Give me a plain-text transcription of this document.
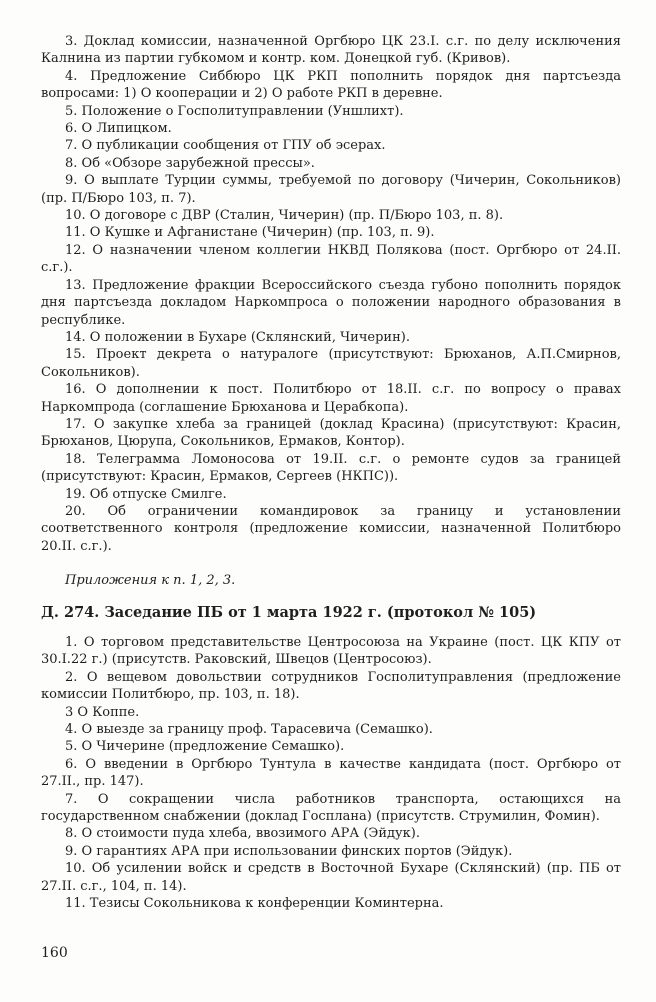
3. Доклад комиссии, назначенной Оргбюро ЦК 23.I. с.г. по делу исключения Калнина из партии губкомом и контр. ком. Донецкой губ. (Кривов).

4. Предложение Сиббюро ЦК РКП пополнить порядок дня партсъезда вопросами: 1) О кооперации и 2) О работе РКП в деревне.

5. Положение о Госполитуправлении (Уншлихт).

6. О Липицком.

7. О публикации сообщения от ГПУ об эсерах.

8. Об «Обзоре зарубежной прессы».

9. О выплате Турции суммы, требуемой по договору (Чичерин, Сокольников) (пр. П/Бюро 103, п. 7).

10. О договоре с ДВР (Сталин, Чичерин) (пр. П/Бюро 103, п. 8).

11. О Кушке и Афганистане (Чичерин) (пр. 103, п. 9).

12. О назначении членом коллегии НКВД Полякова (пост. Оргбюро от 24.II. с.г.).

13. Предложение фракции Всероссийского съезда губоно пополнить порядок дня партсъезда докладом Наркомпроса о положении народного образования в республике.

14. О положении в Бухаре (Склянский, Чичерин).

15. Проект декрета о натуралоге (присутствуют: Брюханов, А.П.Смирнов, Сокольников).

16. О дополнении к пост. Политбюро от 18.II. с.г. по вопросу о правах Наркомпрода (соглашение Брюханова и Церабкопа).

17. О закупке хлеба за границей (доклад Красина) (присутствуют: Красин, Брюханов, Цюрупа, Сокольников, Ермаков, Контор).

18. Телеграмма Ломоносова от 19.II. с.г. о ремонте судов за границей (присутствуют: Красин, Ермаков, Сергеев (НКПС)).

19. Об отпуске Смилге.

20. Об ограничении командировок за границу и установлении соответственного контроля (предложение комиссии, назначенной Политбюро 20.II. с.г.).

Приложения к п. 1, 2, 3.
Д. 274. Заседание ПБ от 1 марта 1922 г. (протокол № 105)

1. О торговом представительстве Центросоюза на Украине (пост. ЦК КПУ от 30.I.22 г.) (присутств. Раковский, Швецов (Центросоюз).

2. О вещевом довольствии сотрудников Госполитуправления (предложение комиссии Политбюро, пр. 103, п. 18).

3 О Коппе.

4. О выезде за границу проф. Тарасевича (Семашко).

5. О Чичерине (предложение Семашко).

6. О введении в Оргбюро Тунтула в качестве кандидата (пост. Оргбюро от 27.II., пр. 147).

7. О сокращении числа работников транспорта, остающихся на государственном снабжении (доклад Госплана) (присутств. Струмилин, Фомин).

8. О стоимости пуда хлеба, ввозимого АРА (Эйдук).

9. О гарантиях АРА при использовании финских портов (Эйдук).

10. Об усилении войск и средств в Восточной Бухаре (Склянский) (пр. ПБ от 27.II. с.г., 104, п. 14).

11. Тезисы Сокольникова к конференции Коминтерна.

160
